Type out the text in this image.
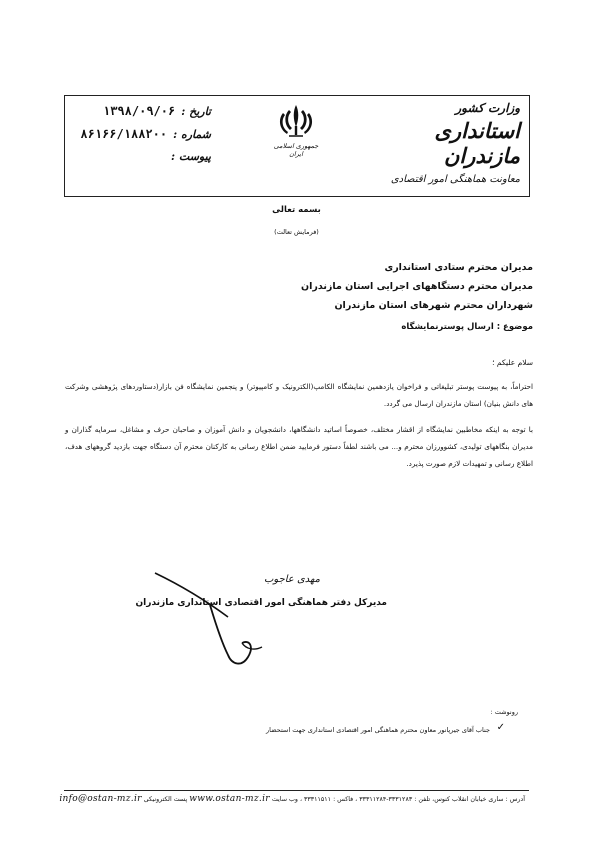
وزارت کشور
استانداری مازندران
معاونت هماهنگی امور اقتصادی
جمهوری اسلامی ایران
تاریخ :
۱۳۹۸/۰۹/۰۶
شماره :
۸۶۱۶۶/۱۸۸۲۰۰
پیوست :
بسمه تعالی
(فرمایش تعالت)
مدیران محترم ستادی استانداری
مدیران محترم دستگاههای اجرایی استان مازندران
شهرداران محترم شهرهای استان مازندران
موضوع : ارسال پوسترنمایشگاه
سلام علیکم ؛
احتراماً، به پیوست پوستر تبلیغاتی و فراخوان یازدهمین نمایشگاه الکامپ(الکترونیک و کامپیوتر) و پنجمین نمایشگاه فن بازار(دستاوردهای پژوهشی وشرکت های دانش بنیان) استان مازندران ارسال می گردد.
با توجه به اینکه مخاطبین نمایشگاه از اقشار مختلف، خصوصاً اساتید دانشگاهها، دانشجویان و دانش آموزان و صاحبان حرف و مشاغل، سرمایه گذاران و مدیران بنگاههای تولیدی، کشوورزان محترم و... می باشند لطفاً دستور فرمایید ضمن اطلاع رسانی به کارکنان محترم آن دستگاه جهت بازدید گروههای هدف، اطلاع رسانی و تمهیدات لازم صورت پذیرد.
مهدی عاجوب
مدیرکل دفتر هماهنگی امور اقتصادی استانداری مازندران
رونوشت :
✓
جناب آقای جیرپانور معاون محترم هماهنگی امور اقتصادی استانداری جهت استحضار
آدرس : ساری خیابان انقلاب کنوس، تلفن : ۳۳۳۱۲۸۳-۳۳۳۱۱۲۸۴ ، فاکس : ۳۳۳۱۱۵۱۱ ، وب سایت www.ostan-mz.ir پست الکترونیکی info@ostan-mz.ir
